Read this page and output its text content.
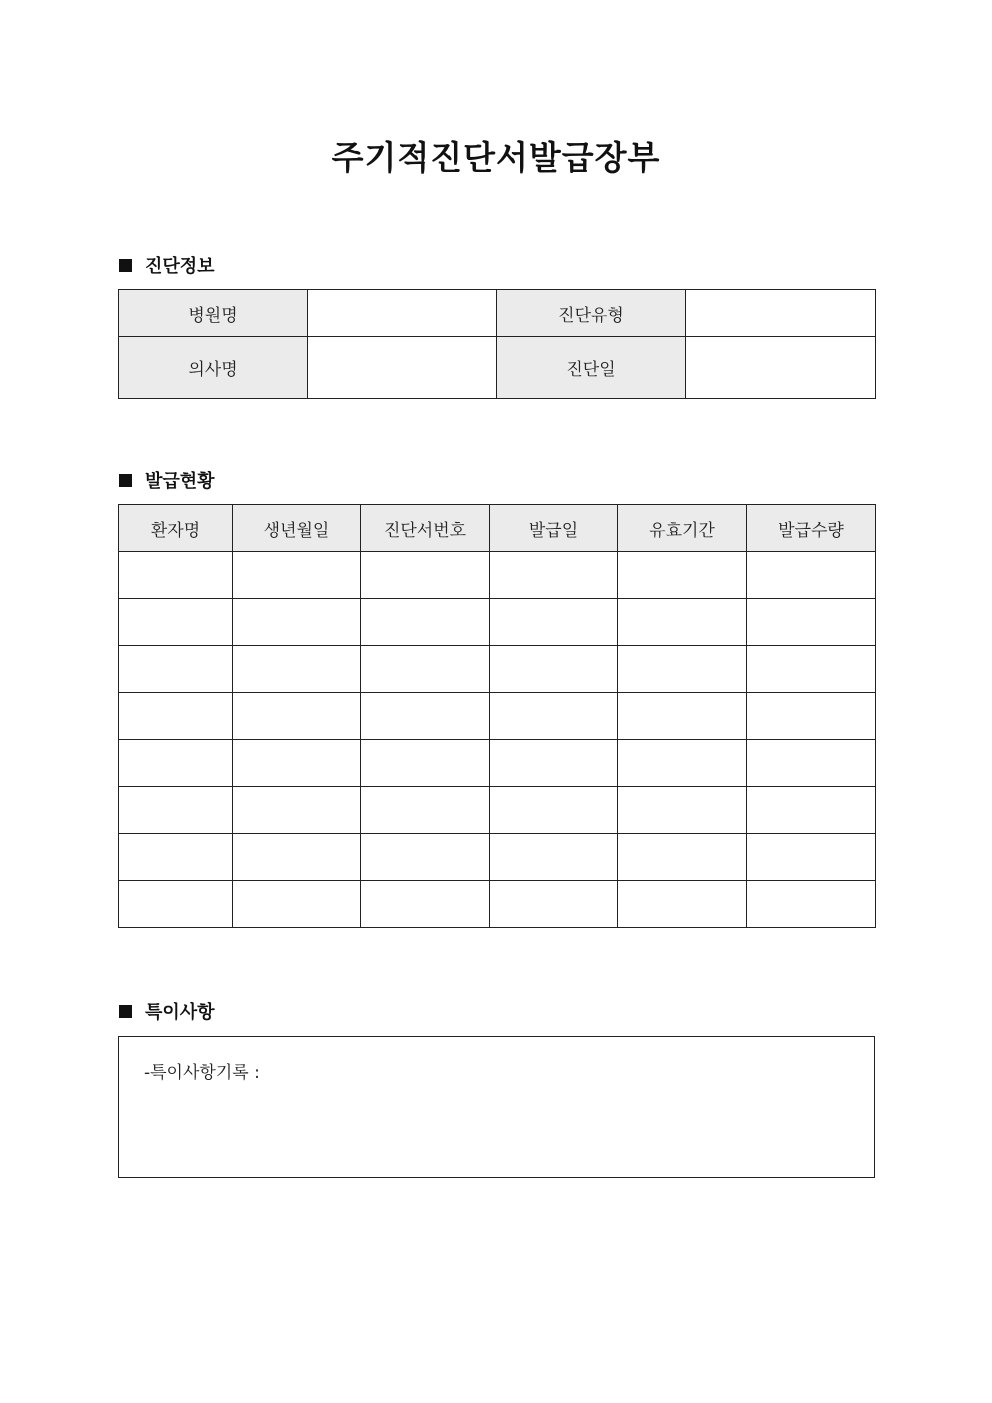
주기적진단서발급장부
진단정보
병원명		진단유형	
의사명		진단일	
발급현황
환자명	생년월일	진단서번호	발급일	유효기간	발급수량

특이사항
-특이사항기록 :
